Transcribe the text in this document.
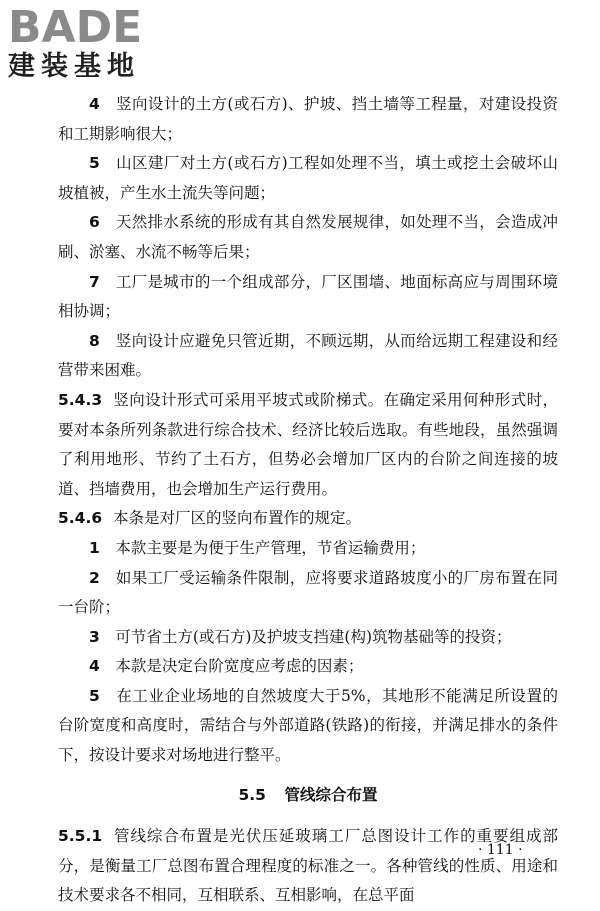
BADE
建装基地

4　 竖向设计的土方(或石方)、护坡、挡土墙等工程量，对建设投资和工期影响很大；

5　 山区建厂对土方(或石方)工程如处理不当，填土或挖土会破坏山坡植被，产生水土流失等问题；

6　 天然排水系统的形成有其自然发展规律，如处理不当，会造成冲刷、淤塞、水流不畅等后果；

7　 工厂是城市的一个组成部分，厂区围墙、地面标高应与周围环境相协调；

8　 竖向设计应避免只管近期，不顾远期，从而给远期工程建设和经营带来困难。

5.4.3 竖向设计形式可采用平坡式或阶梯式。在确定采用何种形式时，要对本条所列条款进行综合技术、经济比较后选取。有些地段，虽然强调了利用地形、节约了土石方，但势必会增加厂区内的台阶之间连接的坡道、挡墙费用，也会增加生产运行费用。

5.4.6 本条是对厂区的竖向布置作的规定。

1　 本款主要是为便于生产管理，节省运输费用；

2　 如果工厂受运输条件限制，应将要求道路坡度小的厂房布置在同一台阶；

3　 可节省土方(或石方)及护坡支挡建(构)筑物基础等的投资；

4　 本款是决定台阶宽度应考虑的因素；

5　 在工业企业场地的自然坡度大于5%，其地形不能满足所设置的台阶宽度和高度时，需结合与外部道路(铁路)的衔接，并满足排水的条件下，按设计要求对场地进行整平。

5.5 管线综合布置

5.5.1 管线综合布置是光伏压延玻璃工厂总图设计工作的重要组成部分，是衡量工厂总图布置合理程度的标准之一。各种管线的性质、用途和技术要求各不相同，互相联系、互相影响，在总平面

· 111 ·
